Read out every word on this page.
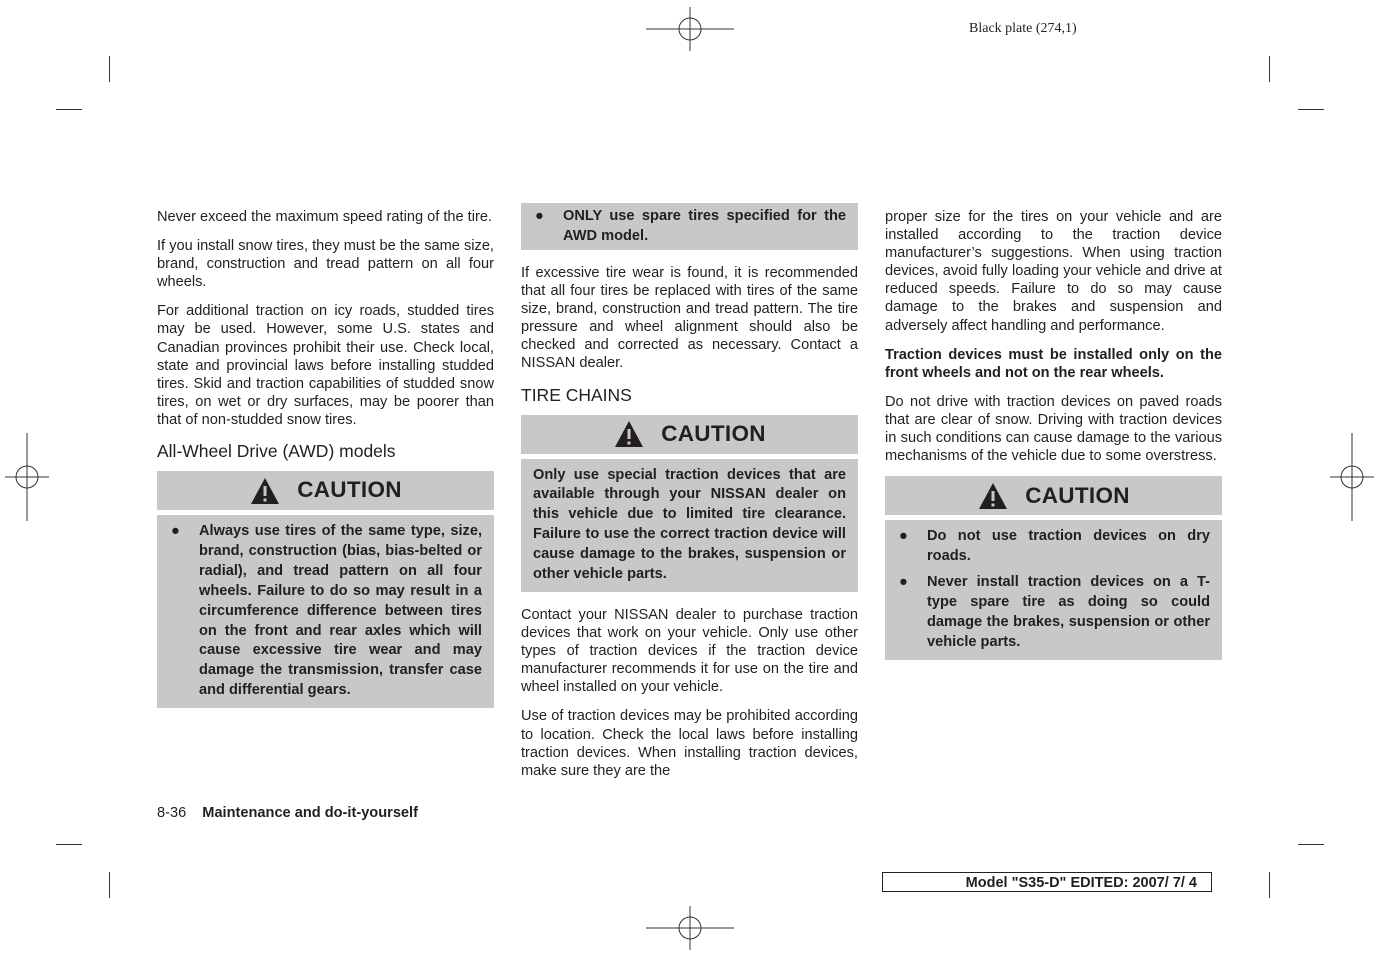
Black plate (274,1)

Never exceed the maximum speed rating of the tire.

If you install snow tires, they must be the same size, brand, construction and tread pattern on all four wheels.

For additional traction on icy roads, studded tires may be used. However, some U.S. states and Canadian provinces prohibit their use. Check local, state and provincial laws before installing studded tires. Skid and traction capabilities of studded snow tires, on wet or dry surfaces, may be poorer than that of non-studded snow tires.

All-Wheel Drive (AWD) models
CAUTION
●	Always use tires of the same type, size, brand, construction (bias, bias-belted or radial), and tread pattern on all four wheels. Failure to do so may result in a circumference difference between tires on the front and rear axles which will cause excessive tire wear and may damage the transmission, transfer case and differential gears.
●	ONLY use spare tires specified for the AWD model.

If excessive tire wear is found, it is recommended that all four tires be replaced with tires of the same size, brand, construction and tread pattern. The tire pressure and wheel alignment should also be checked and corrected as necessary. Contact a NISSAN dealer.

TIRE CHAINS
CAUTION
Only use special traction devices that are available through your NISSAN dealer on this vehicle due to limited tire clearance. Failure to use the correct traction device will cause damage to the brakes, suspension or other vehicle parts.

Contact your NISSAN dealer to purchase traction devices that work on your vehicle. Only use other types of traction devices if the traction device manufacturer recommends it for use on the tire and wheel installed on your vehicle.

Use of traction devices may be prohibited according to location. Check the local laws before installing traction devices. When installing traction devices, make sure they are the

proper size for the tires on your vehicle and are installed according to the traction device manufacturer’s suggestions. When using traction devices, avoid fully loading your vehicle and drive at reduced speeds. Failure to do so may cause damage to the brakes and suspension and adversely affect handling and performance.

Traction devices must be installed only on the front wheels and not on the rear wheels.

Do not drive with traction devices on paved roads that are clear of snow. Driving with traction devices in such conditions can cause damage to the various mechanisms of the vehicle due to some overstress.

CAUTION
●	Do not use traction devices on dry roads.
●	Never install traction devices on a T-type spare tire as doing so could damage the brakes, suspension or other vehicle parts.
8-36 Maintenance and do-it-yourself
Model "S35-D" EDITED: 2007/ 7/ 4
